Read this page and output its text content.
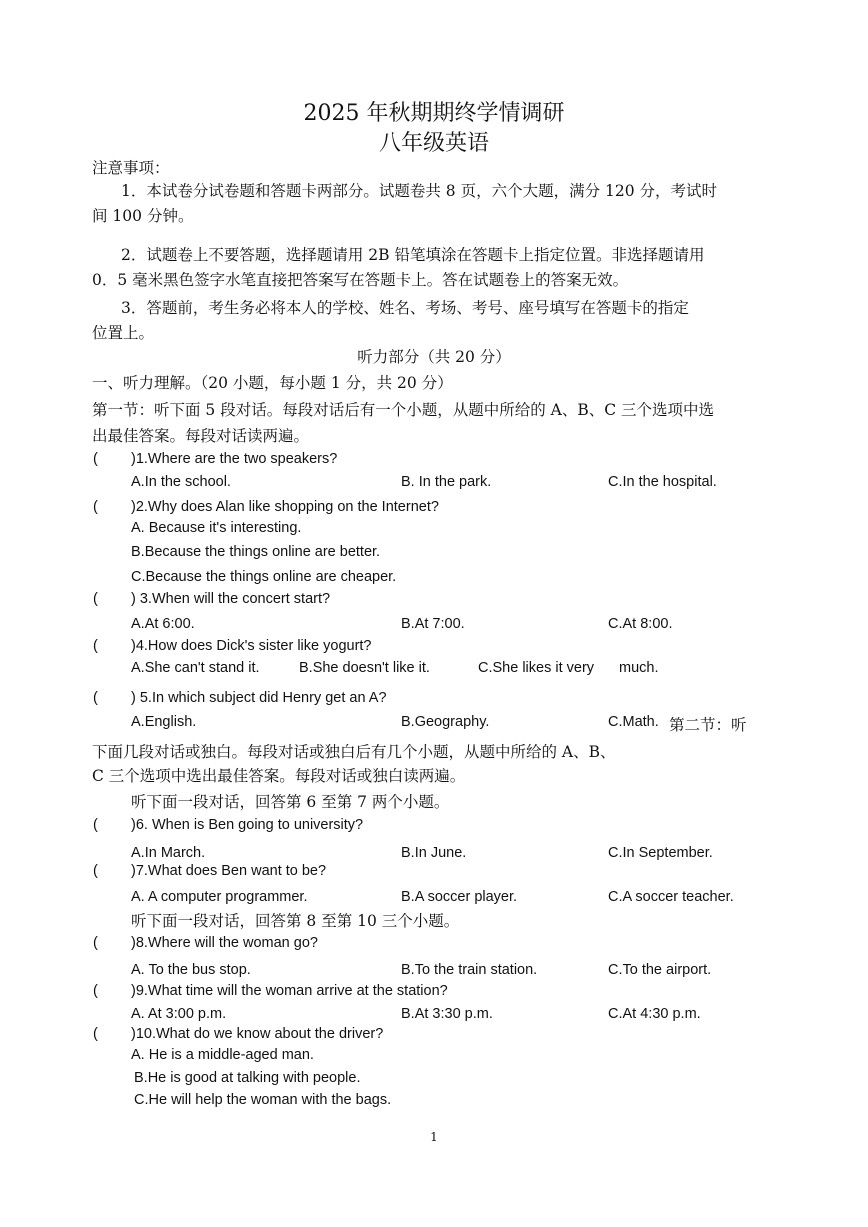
2025 年秋期期终学情调研
八年级英语
注意事项：
1．本试卷分试卷题和答题卡两部分。试题卷共 8 页，六个大题，满分 120 分，考试时
间 100 分钟。
2．试题卷上不要答题，选择题请用 2B 铅笔填涂在答题卡上指定位置。非选择题请用
0．5 毫米黑色签字水笔直接把答案写在答题卡上。答在试题卷上的答案无效。
3．答题前，考生务必将本人的学校、姓名、考场、考号、座号填写在答题卡的指定
位置上。
听力部分（共 20 分）
一、听力理解。（20 小题，每小题 1 分，共 20 分）
第一节：听下面 5 段对话。每段对话后有一个小题，从题中所给的 A、B、C 三个选项中选
出最佳答案。每段对话读两遍。
( )1.Where are the two speakers?
A.In the school.	B. In the park.	C.In the hospital.
( )2.Why does Alan like shopping on the Internet?
A. Because it's interesting.
B.Because the things online are better.
C.Because the things online are cheaper.
( ) 3.When will the concert start?
A.At 6:00.	B.At 7:00.	C.At 8:00.
( )4.How does Dick's sister like yogurt?
A.She can't stand it.	B.She doesn't like it.	C.She likes it very much.
( ) 5.In which subject did Henry get an A?
A.English.	B.Geography.	C.Math. 第二节：听
下面几段对话或独白。每段对话或独白后有几个小题，从题中所给的 A、B、
C 三个选项中选出最佳答案。每段对话或独白读两遍。
听下面一段对话，回答第 6 至第 7 两个小题。
( )6. When is Ben going to university?
A.In March.	B.In June.	C.In September.
( )7.What does Ben want to be?
A. A computer programmer.	B.A soccer player.	C.A soccer teacher.
听下面一段对话，回答第 8 至第 10 三个小题。
( )8.Where will the woman go?
A. To the bus stop.	B.To the train station.	C.To the airport.
( )9.What time will the woman arrive at the station?
A. At 3:00 p.m.	B.At 3:30 p.m.	C.At 4:30 p.m.
( )10.What do we know about the driver?
A. He is a middle-aged man.
B.He is good at talking with people.
C.He will help the woman with the bags.
1
